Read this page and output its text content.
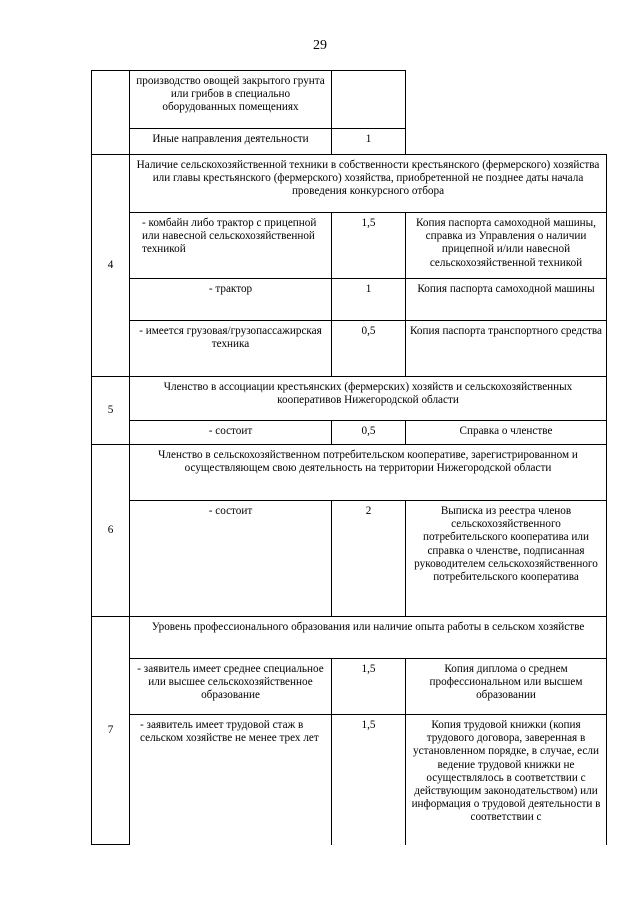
29
	производство овощей закрытого грунта или грибов в специально оборудованных помещениях		
	Иные направления деятельности	1	
4	Наличие сельскохозяйственной техники в собственности крестьянского (фермерского) хозяйства или главы крестьянского (фермерского) хозяйства, приобретенной не позднее даты начала проведения конкурсного отбора		
	- комбайн либо трактор с прицепной или навесной сельскохозяйственной техникой	1,5	Копия паспорта самоходной машины, справка из Управления о наличии прицепной и/или навесной сельскохозяйственной техникой
	- трактор	1	Копия паспорта самоходной машины
	- имеется грузовая/грузопассажирская техника	0,5	Копия паспорта транспортного средства
5	Членство в ассоциации крестьянских (фермерских) хозяйств и сельскохозяйственных кооперативов Нижегородской области		
	- состоит	0,5	Справка о членстве
6	Членство в сельскохозяйственном потребительском кооперативе, зарегистрированном и осуществляющем свою деятельность на территории Нижегородской области		
	- состоит	2	Выписка из реестра членов сельскохозяйственного потребительского кооператива или справка о членстве, подписанная руководителем сельскохозяйственного потребительского кооператива
7	Уровень профессионального образования или наличие опыта работы в сельском хозяйстве		
	- заявитель имеет среднее специальное или высшее сельскохозяйственное образование	1,5	Копия диплома о среднем профессиональном или высшем образовании
	- заявитель имеет трудовой стаж в сельском хозяйстве не менее трех лет	1,5	Копия трудовой книжки (копия трудового договора, заверенная в установленном порядке, в случае, если ведение трудовой книжки не осуществлялось в соответствии с действующим законодательством) или информация о трудовой деятельности в соответствии с
